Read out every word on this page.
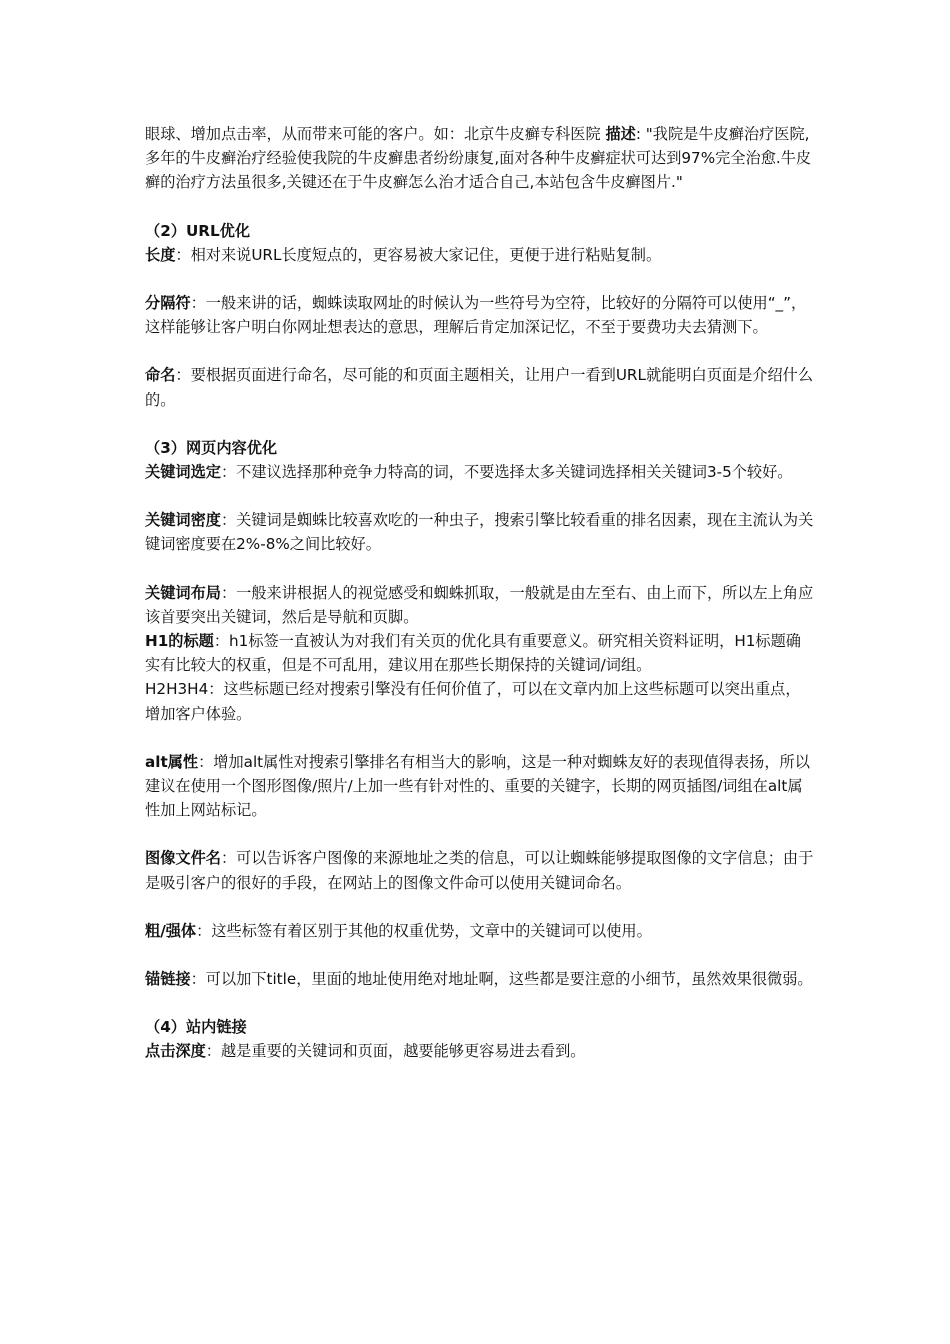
眼球、增加点击率，从而带来可能的客户。如：北京牛皮癣专科医院 描述: "我院是牛皮癣治疗医院,多年的牛皮癣治疗经验使我院的牛皮癣患者纷纷康复,面对各种牛皮癣症状可达到97%完全治愈.牛皮癣的治疗方法虽很多,关键还在于牛皮癣怎么治才适合自己,本站包含牛皮癣图片."

（2）URL优化

长度：相对来说URL长度短点的，更容易被大家记住，更便于进行粘贴复制。

分隔符：一般来讲的话，蜘蛛读取网址的时候认为一些符号为空符，比较好的分隔符可以使用“_”，这样能够让客户明白你网址想表达的意思，理解后肯定加深记忆，不至于要费功夫去猜测下。

命名：要根据页面进行命名，尽可能的和页面主题相关，让用户一看到URL就能明白页面是介绍什么的。

（3）网页内容优化

关键词选定：不建议选择那种竞争力特高的词，不要选择太多关键词选择相关关键词3-5个较好。

关键词密度：关键词是蜘蛛比较喜欢吃的一种虫子，搜索引擎比较看重的排名因素，现在主流认为关键词密度要在2%-8%之间比较好。

关键词布局：一般来讲根据人的视觉感受和蜘蛛抓取，一般就是由左至右、由上而下，所以左上角应该首要突出关键词，然后是导航和页脚。

H1的标题：h1标签一直被认为对我们有关页的优化具有重要意义。研究相关资料证明，H1标题确实有比较大的权重，但是不可乱用，建议用在那些长期保持的关键词/词组。

H2H3H4：这些标题已经对搜索引擎没有任何价值了，可以在文章内加上这些标题可以突出重点，增加客户体验。

alt属性：增加alt属性对搜索引擎排名有相当大的影响，这是一种对蜘蛛友好的表现值得表扬，所以建议在使用一个图形图像/照片/上加一些有针对性的、重要的关键字，长期的网页插图/词组在alt属性加上网站标记。

图像文件名：可以告诉客户图像的来源地址之类的信息，可以让蜘蛛能够提取图像的文字信息；由于是吸引客户的很好的手段，在网站上的图像文件命可以使用关键词命名。

粗/强体：这些标签有着区别于其他的权重优势，文章中的关键词可以使用。

锚链接：可以加下title，里面的地址使用绝对地址啊，这些都是要注意的小细节，虽然效果很微弱。

（4）站内链接

点击深度：越是重要的关键词和页面，越要能够更容易进去看到。
